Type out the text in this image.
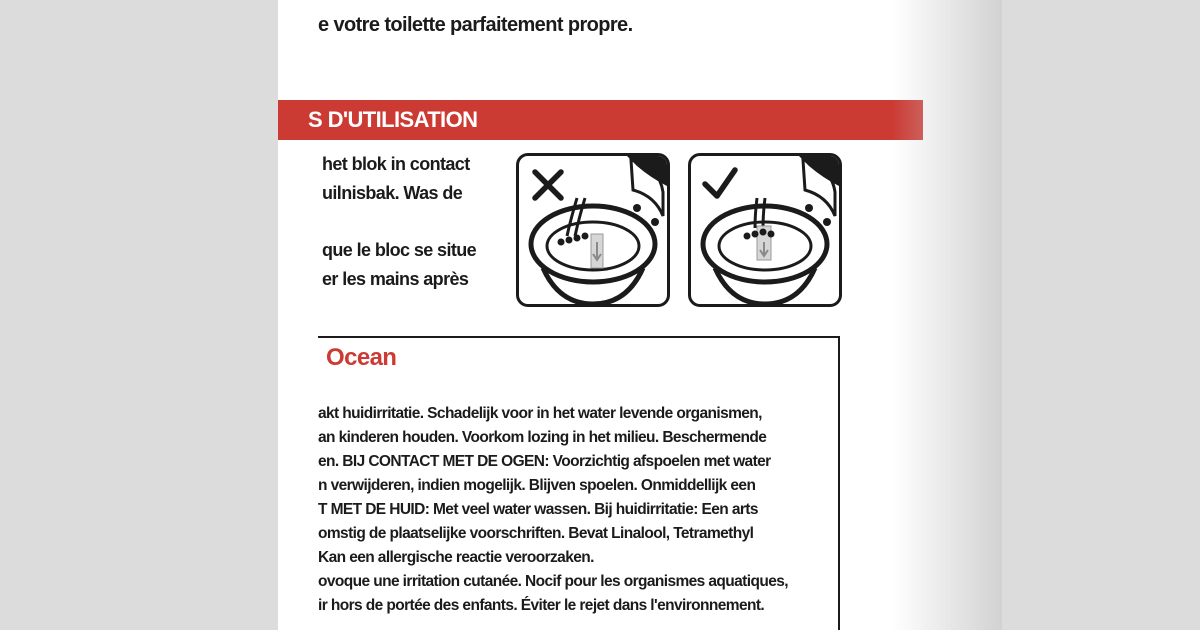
e votre toilette parfaitement propre.
S D'UTILISATION
het blok in contact
uilnisbak. Was de
que le bloc se situe
er les mains après
Ocean
akt huidirritatie. Schadelijk voor in het water levende organismen,
an kinderen houden. Voorkom lozing in het milieu. Beschermende
en. BIJ CONTACT MET DE OGEN: Voorzichtig afspoelen met water
n verwijderen, indien mogelijk. Blijven spoelen. Onmiddellijk een
T MET DE HUID: Met veel water wassen. Bij huidirritatie: Een arts
omstig de plaatselijke voorschriften. Bevat Linalool, Tetramethyl
Kan een allergische reactie veroorzaken.
ovoque une irritation cutanée. Nocif pour les organismes aquatiques,
ir hors de portée des enfants. Éviter le rejet dans l'environnement.
